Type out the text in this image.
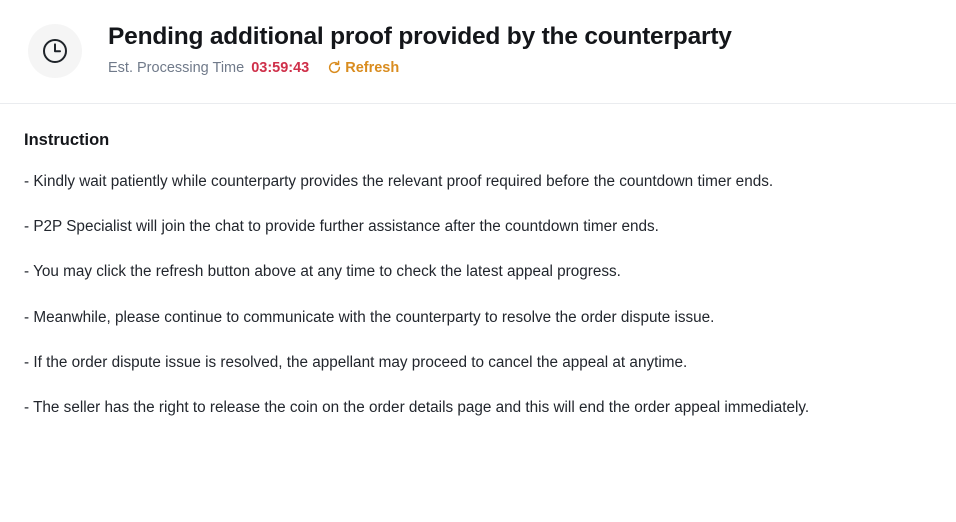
Pending additional proof provided by the counterparty
Est. Processing Time 03:59:43 Refresh
Instruction
- Kindly wait patiently while counterparty provides the relevant proof required before the countdown timer ends.
- P2P Specialist will join the chat to provide further assistance after the countdown timer ends.
- You may click the refresh button above at any time to check the latest appeal progress.
- Meanwhile, please continue to communicate with the counterparty to resolve the order dispute issue.
- If the order dispute issue is resolved, the appellant may proceed to cancel the appeal at anytime.
- The seller has the right to release the coin on the order details page and this will end the order appeal immediately.
